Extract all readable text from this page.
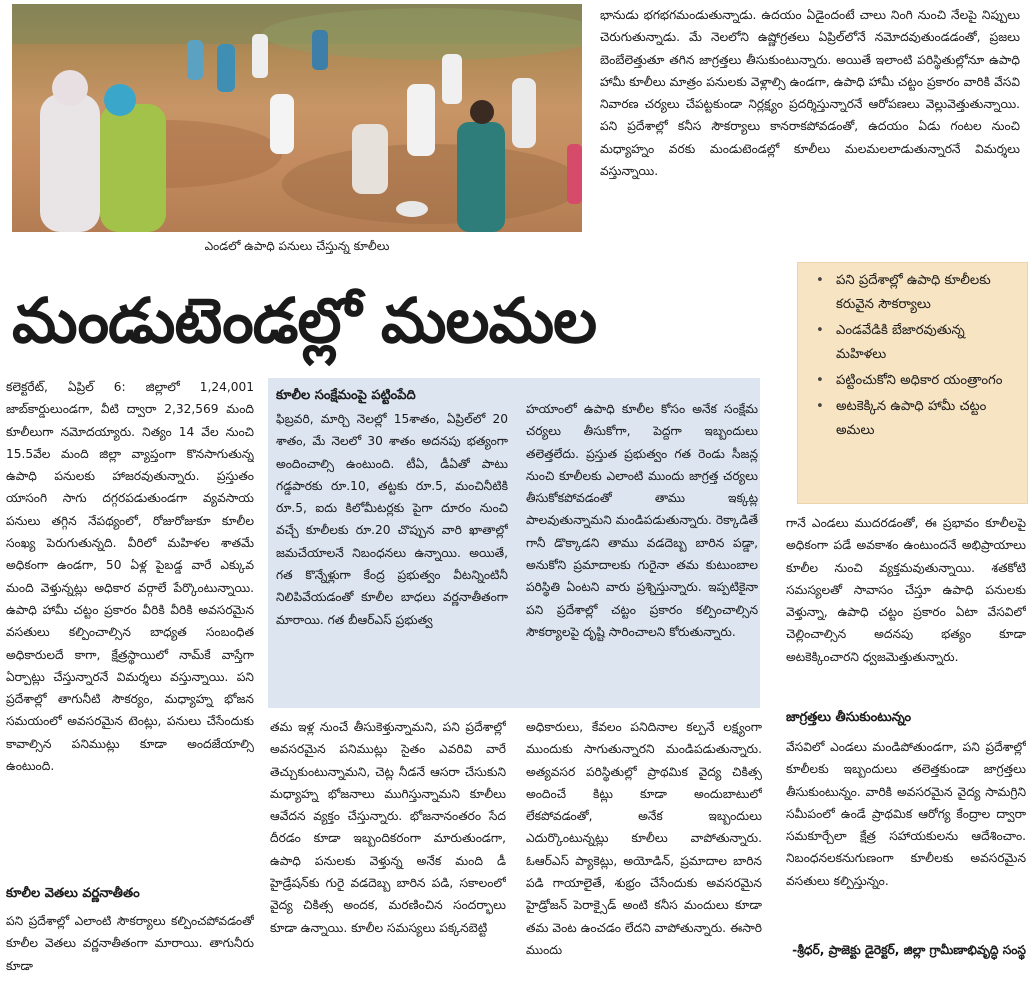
ఎండలో ఉపాధి పనులు చేస్తున్న కూలీలు

భానుడు భగభగమండుతున్నాడు. ఉదయం ఏడైందంటే చాలు నింగి నుంచి నేలపై నిప్పులు చెరుగుతున్నాడు. మే నెలలోని ఉష్ణోగ్రతలు ఏప్రిల్‌లోనే నమోదవుతుండడంతో, ప్రజలు బెంబేలెత్తుతూ తగిన జాగ్రత్తలు తీసుకుంటున్నారు. అయితే ఇలాంటి పరిస్థితుల్లోనూ ఉపాధి హామీ కూలీలు మాత్రం పనులకు వెళ్లాల్సి ఉండగా, ఉపాధి హామీ చట్టం ప్రకారం వారికి వేసవి నివారణ చర్యలు చేపట్టకుండా నిర్లక్ష్యం ప్రదర్శిస్తున్నారనే ఆరోపణలు వెల్లువెత్తుతున్నాయి. పని ప్రదేశాల్లో కనీస సౌకర్యాలు కానరాకపోవడంతో, ఉదయం ఏడు గంటల నుంచి మధ్యాహ్నం వరకు మండుటెండల్లో కూలీలు మలమలలాడుతున్నారనే విమర్శలు వస్తున్నాయి.

మండుటెండల్లో మలమల
• పని ప్రదేశాల్లో ఉపాధి కూలీలకు కరువైన సౌకర్యాలు
• ఎండవేడికి బేజారవుతున్న మహిళలు
• పట్టించుకోని అధికార యంత్రాంగం
• అటకెక్కిన ఉపాధి హామీ చట్టం అమలు

కలెక్టరేట్, ఏప్రిల్ 6: జిల్లాలో 1,24,001 జాబ్‌కార్డులుండగా, వీటి ద్వారా 2,32,569 మంది కూలీలుగా నమోదయ్యారు. నిత్యం 14 వేల నుంచి 15.5వేల మంది జిల్లా వ్యాప్తంగా కొనసాగుతున్న ఉపాధి పనులకు హాజరవుతున్నారు. ప్రస్తుతం యాసంగి సాగు దగ్గరపడుతుండగా వ్యవసాయ పనులు తగ్గిన నేపథ్యంలో, రోజురోజుకూ కూలీల సంఖ్య పెరుగుతున్నది. వీరిలో మహిళల శాతమే అధికంగా ఉండగా, 50 ఏళ్ల పైబడ్డ వారే ఎక్కువ మంది వెళ్తున్నట్లు అధికార వర్గాలే పేర్కొంటున్నాయి. ఉపాధి హామీ చట్టం ప్రకారం వీరికి వీరికి అవసరమైన వసతులు కల్పించాల్సిన బాధ్యత సంబంధిత అధికారులదే కాగా, క్షేత్రస్థాయిలో నామ్‌కే వాస్తేగా ఏర్పాట్లు చేస్తున్నారనే విమర్శలు వస్తున్నాయి. పని ప్రదేశాల్లో తాగునీటి సౌకర్యం, మధ్యాహ్న భోజన సమయంలో అవసరమైన టెంట్లు, పనులు చేసేందుకు కావాల్సిన పనిముట్లు కూడా అందజేయాల్సి ఉంటుంది.

కూలీల వెతలు వర్ణనాతీతం

పని ప్రదేశాల్లో ఎలాంటి సౌకర్యాలు కల్పించపోవడంతో కూలీల వెతలు వర్ణనాతీతంగా మారాయి. తాగునీరు కూడా

కూలీల సంక్షేమంపై పట్టింపేది

ఫిబ్రవరి, మార్చి నెలల్లో 15శాతం, ఏప్రిల్‌లో 20 శాతం, మే నెలలో 30 శాతం అదనపు భత్యంగా అందించాల్సి ఉంటుంది. టీఏ, డీఏతో పాటు గడ్డపారకు రూ.10, తట్టకు రూ.5, మంచినీటికి రూ.5, ఐదు కిలోమీటర్లకు పైగా దూరం నుంచి వచ్చే కూలీలకు రూ.20 చొప్పున వారి ఖాతాల్లో జమచేయాలనే నిబంధనలు ఉన్నాయి. అయితే, గత కొన్నేళ్లుగా కేంద్ర ప్రభుత్వం వీటన్నింటినీ నిలిపివేయడంతో కూలీల బాధలు వర్ణనాతీతంగా మారాయి. గత బీఆర్ఎస్ ప్రభుత్వ

హయాంలో ఉపాధి కూలీల కోసం అనేక సంక్షేమ చర్యలు తీసుకోగా, పెద్దగా ఇబ్బందులు తలెత్తలేదు. ప్రస్తుత ప్రభుత్వం గత రెండు సీజన్ల నుంచి కూలీలకు ఎలాంటి ముందు జాగ్రత్త చర్యలు తీసుకోకపోవడంతో తాము ఇక్కట్ల పాలవుతున్నామని మండిపడుతున్నారు. రెక్కాడితే గానీ డొక్కాడని తాము వడదెబ్బ బారిన పడ్డా, అనుకోని ప్రమాదాలకు గురైనా తమ కుటుంబాల పరిస్థితి ఏంటని వారు ప్రశ్నిస్తున్నారు. ఇప్పటికైనా పని ప్రదేశాల్లో చట్టం ప్రకారం కల్పించాల్సిన సౌకర్యాలపై దృష్టి సారించాలని కోరుతున్నారు.

తమ ఇళ్ల నుంచే తీసుకెళ్తున్నామని, పని ప్రదేశాల్లో అవసరమైన పనిముట్లు సైతం ఎవరివి వారే తెచ్చుకుంటున్నామని, చెట్ల నీడనే ఆసరా చేసుకుని మధ్యాహ్న భోజనాలు ముగిస్తున్నామని కూలీలు ఆవేదన వ్యక్తం చేస్తున్నారు. భోజనానంతరం సేద దీరడం కూడా ఇబ్బందికరంగా మారుతుండగా, ఉపాధి పనులకు వెళ్తున్న అనేక మంది డీ హైడ్రేషన్‌కు గురై వడదెబ్బ బారిన పడి, సకాలంలో వైద్య చికిత్స అందక, మరణించిన సందర్భాలు కూడా ఉన్నాయి. కూలీల సమస్యలు పక్కనబెట్టి

అధికారులు, కేవలం పనిదినాల కల్పనే లక్ష్యంగా ముందుకు సాగుతున్నారని మండిపడుతున్నారు. అత్యవసర పరిస్థితుల్లో ప్రాథమిక వైద్య చికిత్స అందించే కిట్లు కూడా అందుబాటులో లేకపోవడంతో, అనేక ఇబ్బందులు ఎదుర్కొంటున్నట్లు కూలీలు వాపోతున్నారు. ఓఆర్ఎస్ ప్యాకెట్లు, అయోడిన్, ప్రమాదాల బారిన పడి గాయాలైతే, శుభ్రం చేసేందుకు అవసరమైన హైడ్రోజన్ పెరాక్సైడ్ అంటి కనీస మందులు కూడా తమ వెంట ఉంచడం లేదని వాపోతున్నారు. ఈసారి ముందు

గానే ఎండలు ముదరడంతో, ఈ ప్రభావం కూలీలపై అధికంగా పడే అవకాశం ఉంటుందనే అభిప్రాయాలు కూలీల నుంచి వ్యక్తమవుతున్నాయి. శతకోటి సమస్యలతో సావాసం చేస్తూ ఉపాధి పనులకు వెళ్తున్నా, ఉపాధి చట్టం ప్రకారం ఏటా వేసవిలో చెల్లించాల్సిన అదనపు భత్యం కూడా అటకెక్కించారని ధ్వజమెత్తుతున్నారు.

జాగ్రత్తలు తీసుకుంటున్నం

వేసవిలో ఎండలు మండిపోతుండగా, పని ప్రదేశాల్లో కూలీలకు ఇబ్బందులు తలెత్తకుండా జాగ్రత్తలు తీసుకుంటున్నం. వారికి అవసరమైన వైద్య సామగ్రిని సమీపంలో ఉండే ప్రాథమిక ఆరోగ్య కేంద్రాల ద్వారా సమకూర్చేలా క్షేత్ర సహాయకులను ఆదేశించాం. నిబంధనలకనుగుణంగా కూలీలకు అవసరమైన వసతులు కల్పిస్తున్నం.

-శ్రీధర్, ప్రాజెక్టు డైరెక్టర్, జిల్లా గ్రామీణాభివృద్ధి సంస్థ
